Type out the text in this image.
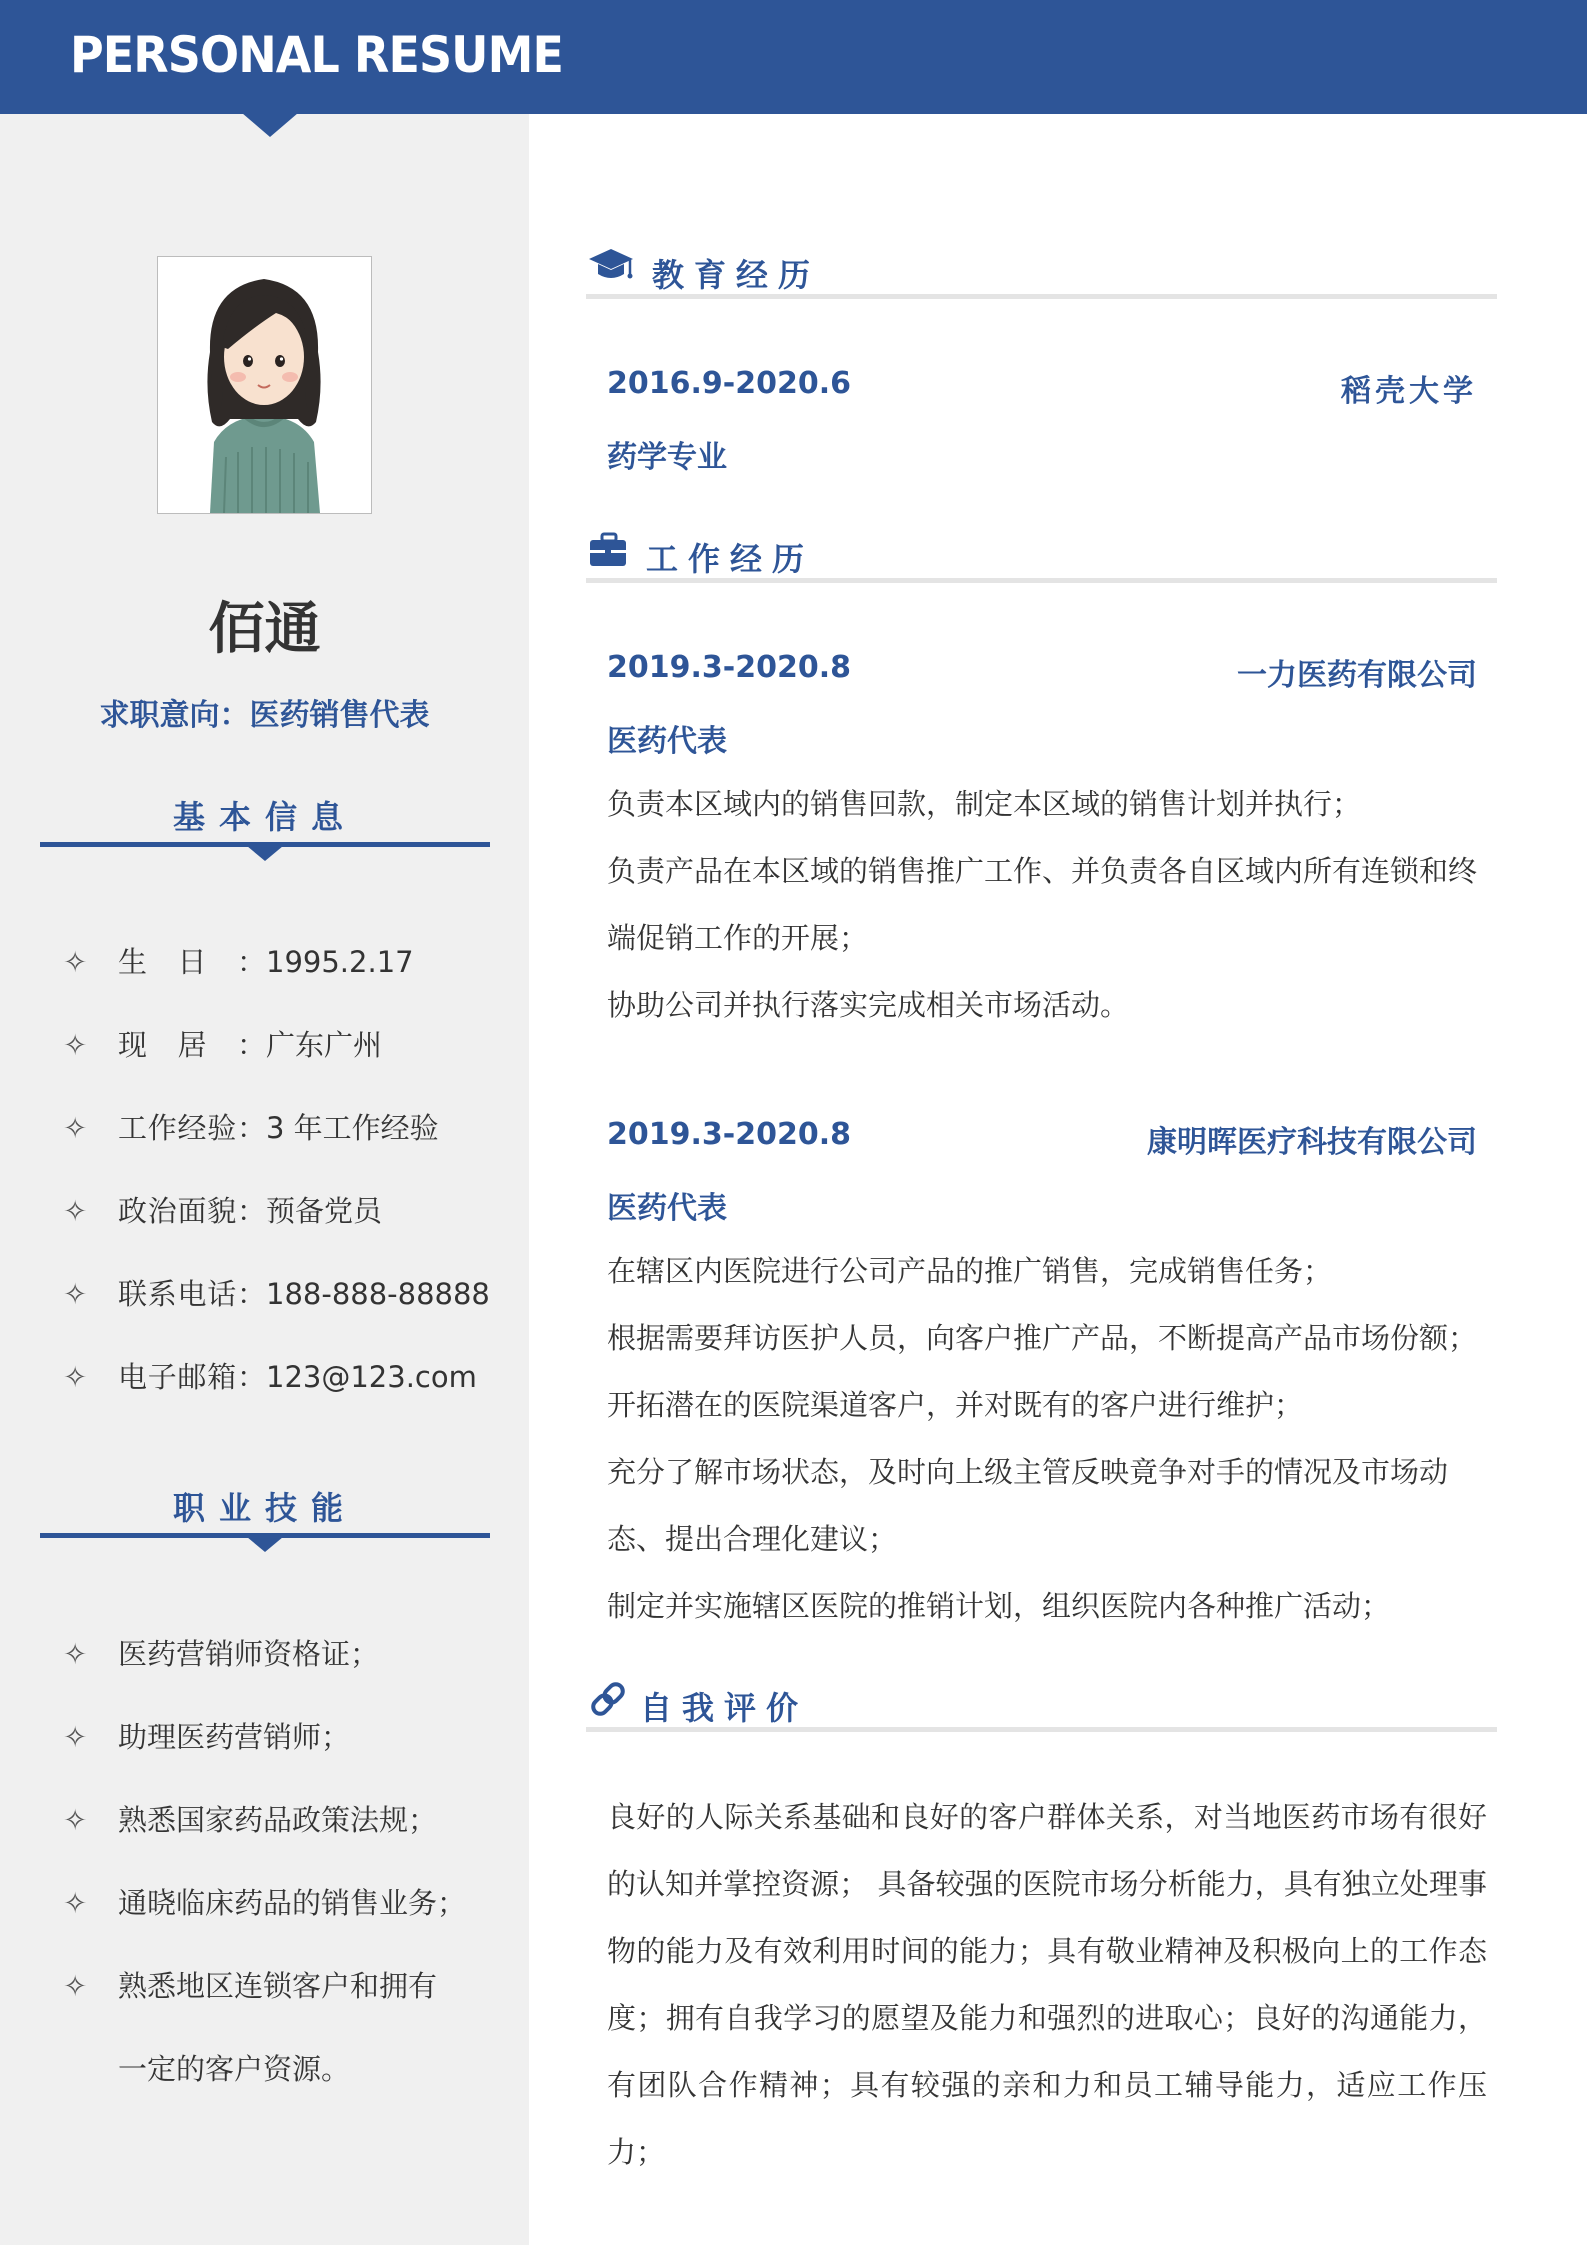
PERSONAL RESUME
佰通
求职意向：医药销售代表
基本信息
✧ 生日：1995.2.17
✧ 现居：广东广州
✧ 工作经验：3 年工作经验
✧ 政治面貌：预备党员
✧ 联系电话：188-888-88888
✧ 电子邮箱：123@123.com
职业技能
✧ 医药营销师资格证；
✧ 助理医药营销师；
✧ 熟悉国家药品政策法规；
✧ 通晓临床药品的销售业务；
✧ 熟悉地区连锁客户和拥有
一定的客户资源。
教育经历
2016.9-2020.6	稻壳大学
药学专业
工作经历
2019.3-2020.8	一力医药有限公司
医药代表
负责本区域内的销售回款，制定本区域的销售计划并执行；
负责产品在本区域的销售推广工作、并负责各自区域内所有连锁和终
端促销工作的开展；
协助公司并执行落实完成相关市场活动。
2019.3-2020.8	康明晖医疗科技有限公司
医药代表
在辖区内医院进行公司产品的推广销售，完成销售任务；
根据需要拜访医护人员，向客户推广产品，不断提高产品市场份额；
开拓潜在的医院渠道客户，并对既有的客户进行维护；
充分了解市场状态，及时向上级主管反映竟争对手的情况及市场动
态、提出合理化建议；
制定并实施辖区医院的推销计划，组织医院内各种推广活动；
自我评价
良好的人际关系基础和良好的客户群体关系，对当地医药市场有很好的认知并掌控资源； 具备较强的医院市场分析能力，具有独立处理事物的能力及有效利用时间的能力；具有敬业精神及积极向上的工作态度；拥有自我学习的愿望及能力和强烈的进取心；良好的沟通能力，有团队合作精神；具有较强的亲和力和员工辅导能力，适应工作压力；
